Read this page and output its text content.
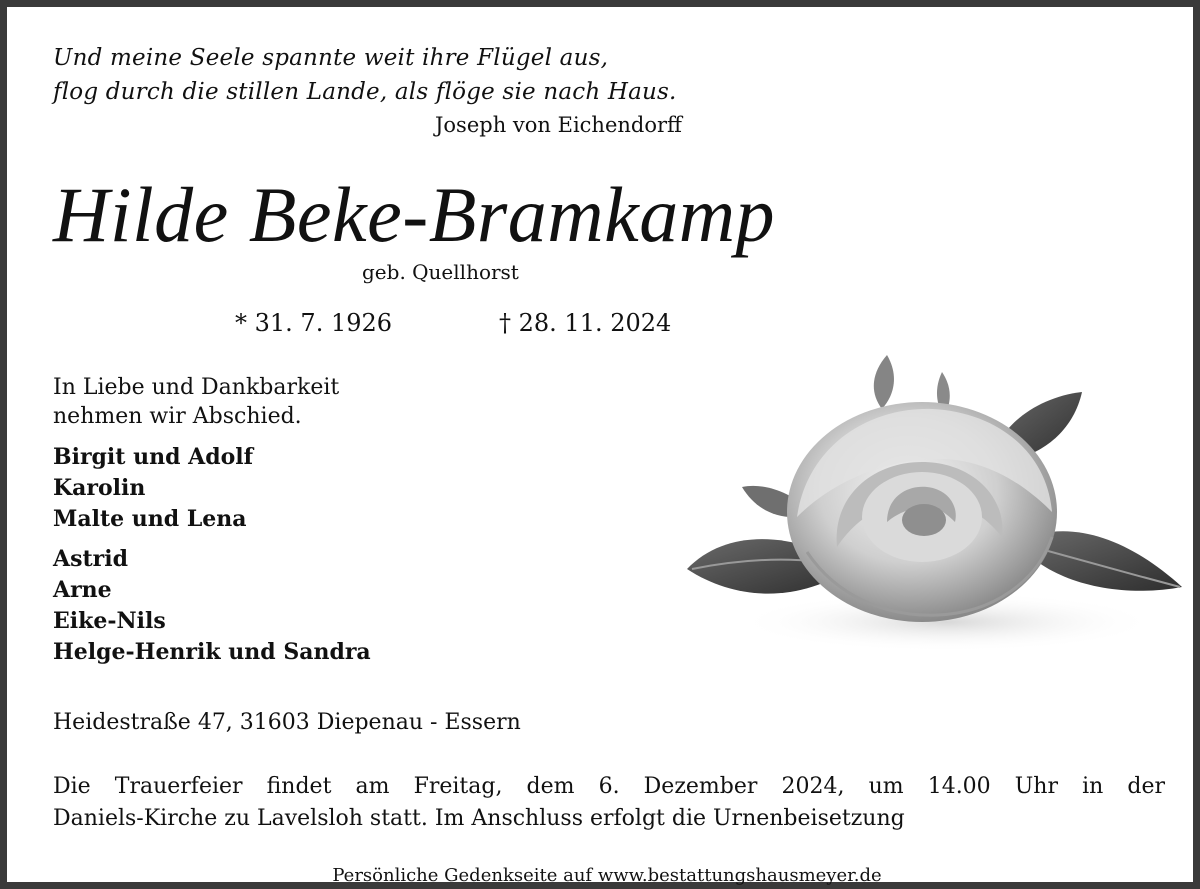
Und meine Seele spannte weit ihre Flügel aus,
flog durch die stillen Lande, als flöge sie nach Haus.
Joseph von Eichendorff
Hilde Beke-Bramkamp
geb. Quellhorst
* 31. 7. 1926	† 28. 11. 2024
In Liebe und Dankbarkeit
nehmen wir Abschied.
Birgit und Adolf
Karolin
Malte und Lena
Astrid
Arne
Eike-Nils
Helge-Henrik und Sandra
Heidestraße 47, 31603 Diepenau - Essern
Die Trauerfeier findet am Freitag, dem 6. Dezember 2024, um 14.00 Uhr in der
Daniels-Kirche zu Lavelsloh statt. Im Anschluss erfolgt die Urnenbeisetzung
Persönliche Gedenkseite auf www.bestattungshausmeyer.de
